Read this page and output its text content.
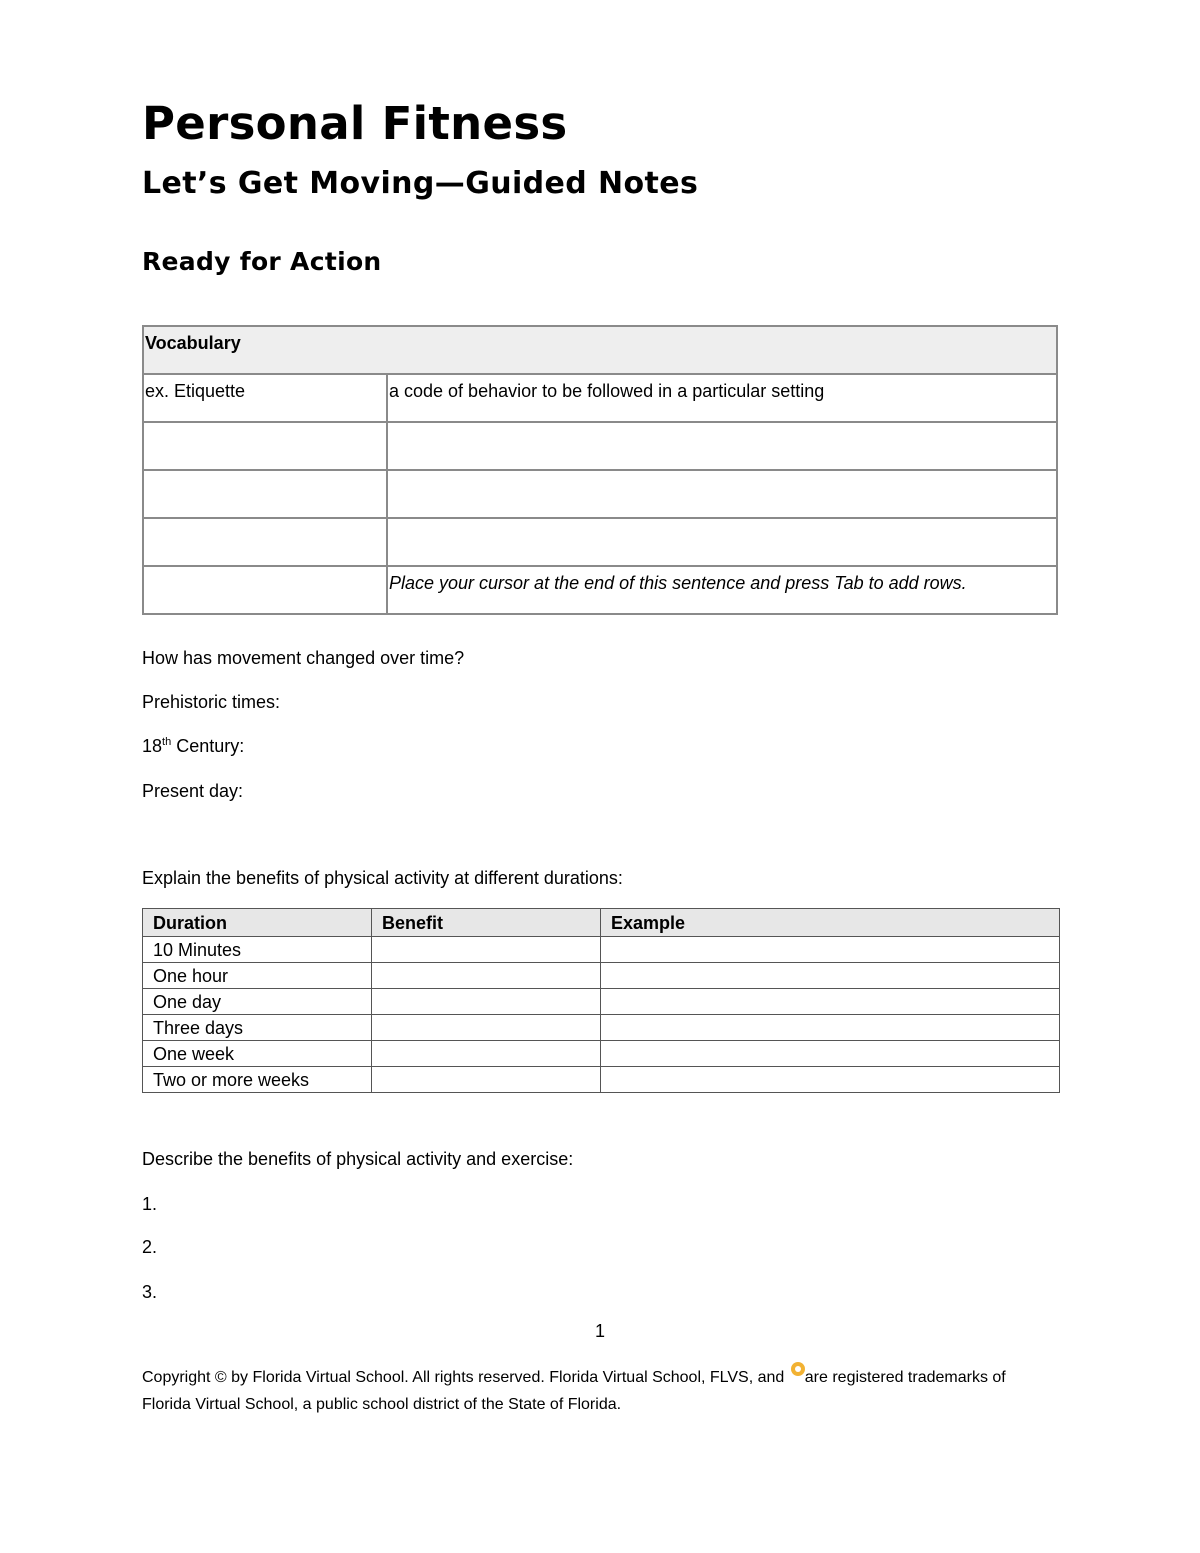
Personal Fitness
Let’s Get Moving—Guided Notes
Ready for Action
Vocabulary	
ex. Etiquette	a code of behavior to be followed in a particular setting

	Place your cursor at the end of this sentence and press Tab to add rows.

How has movement changed over time?

Prehistoric times:

18th Century:

Present day:

Explain the benefits of physical activity at different durations:

Duration	Benefit	Example
10 Minutes		
One hour		
One day		
Three days		
One week		
Two or more weeks		

Describe the benefits of physical activity and exercise:

1.

2.

3.

1

Copyright © by Florida Virtual School. All rights reserved. Florida Virtual School, FLVS, and are registered trademarks of
Florida Virtual School, a public school district of the State of Florida.
